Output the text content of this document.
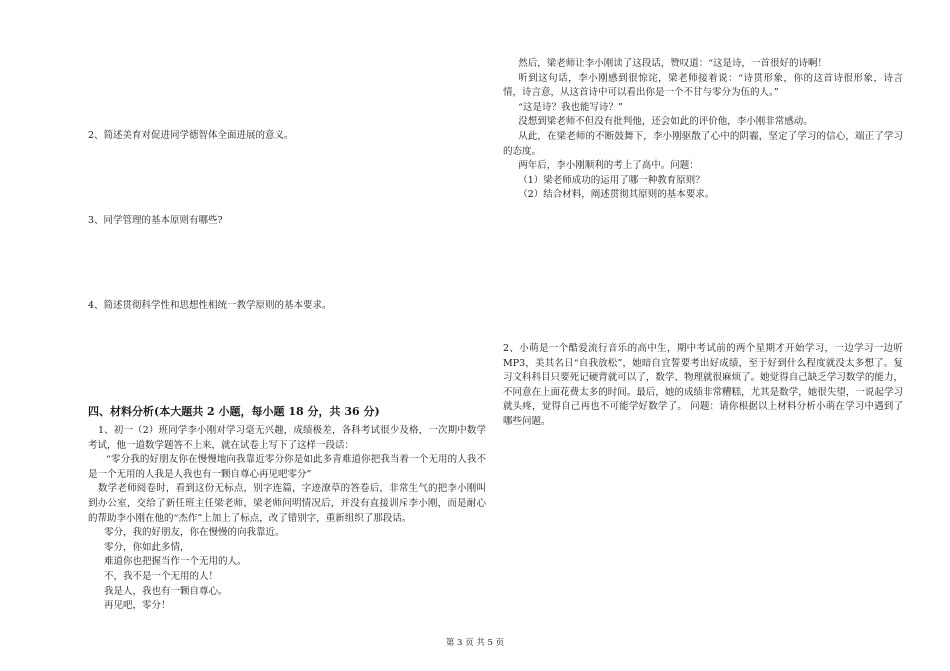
2、简述美育对促进同学德智体全面进展的意义。
3、同学管理的基本原则有哪些?
4、简述贯彻科学性和思想性相统一教学原则的基本要求。
四、材料分析(本大题共 2 小题，每小题 18 分，共 36 分)

1、初一（2）班同学李小刚对学习毫无兴趣，成绩极差，各科考试很少及格，一次期中数学考试，他一道数学题答不上来，就在试卷上写下了这样一段话：

“零分我的好朋友你在慢慢地向我靠近零分你是如此多青难道你把我当着一个无用的人我不是一个无用的人我是人我也有一颗自尊心再见吧零分”

数学老师阅卷时，看到这份无标点，别字连篇，字迹潦草的答卷后，非常生气的把李小刚叫到办公室，交给了新任班主任梁老师，梁老师问明情况后，并没有直接训斥李小刚，而是耐心的帮助李小刚在他的“杰作”上加上了标点，改了错别字，重新组织了那段话。

零分，我的好朋友，你在慢慢的向我靠近。

零分，你如此多情，

难道你也把握当作一个无用的人。

不，我不是一个无用的人！

我是人，我也有一颗自尊心。

再见吧，零分！

然后，梁老师让李小刚读了这段话，赞叹道：“这是诗，一首很好的诗啊！

听到这句话，李小刚感到很惊诧，梁老师接着说：“诗贯形象，你的这首诗很形象，诗言情，诗言意，从这首诗中可以看出你是一个不甘与零分为伍的人。”

“这是诗？我也能写诗？”

没想到梁老师不但没有批判他，还会如此的评价他，李小刚非常感动。

从此，在梁老师的不断鼓舞下，李小刚驱散了心中的阴霾，坚定了学习的信心，端正了学习的态度。

两年后，李小刚顺利的考上了高中。问题：

（1）梁老师成功的运用了哪一种教育原则？

（2）结合材料，阐述贯彻其原则的基本要求。

2、小萌是一个酷爱流行音乐的高中生，期中考试前的两个星期才开始学习，一边学习一边听MP3，美其名日“自我放松”，她暗自宜誓要考出好成绩，至于好到什么程度就没太多想了。复习文科科目只要死记硬背就可以了，数学、物理就很麻烦了。她觉得自己缺乏学习数学的能力，不同意在上面花费太多的时间。最后，她的成绩非常糟糕，尤其是数学，她很失望，一说起学习就头疼，觉得自己再也不可能学好数学了。 问题：请你根据以上材料分析小萌在学习中遇到了哪些问题。

第 3 页 共 5 页
